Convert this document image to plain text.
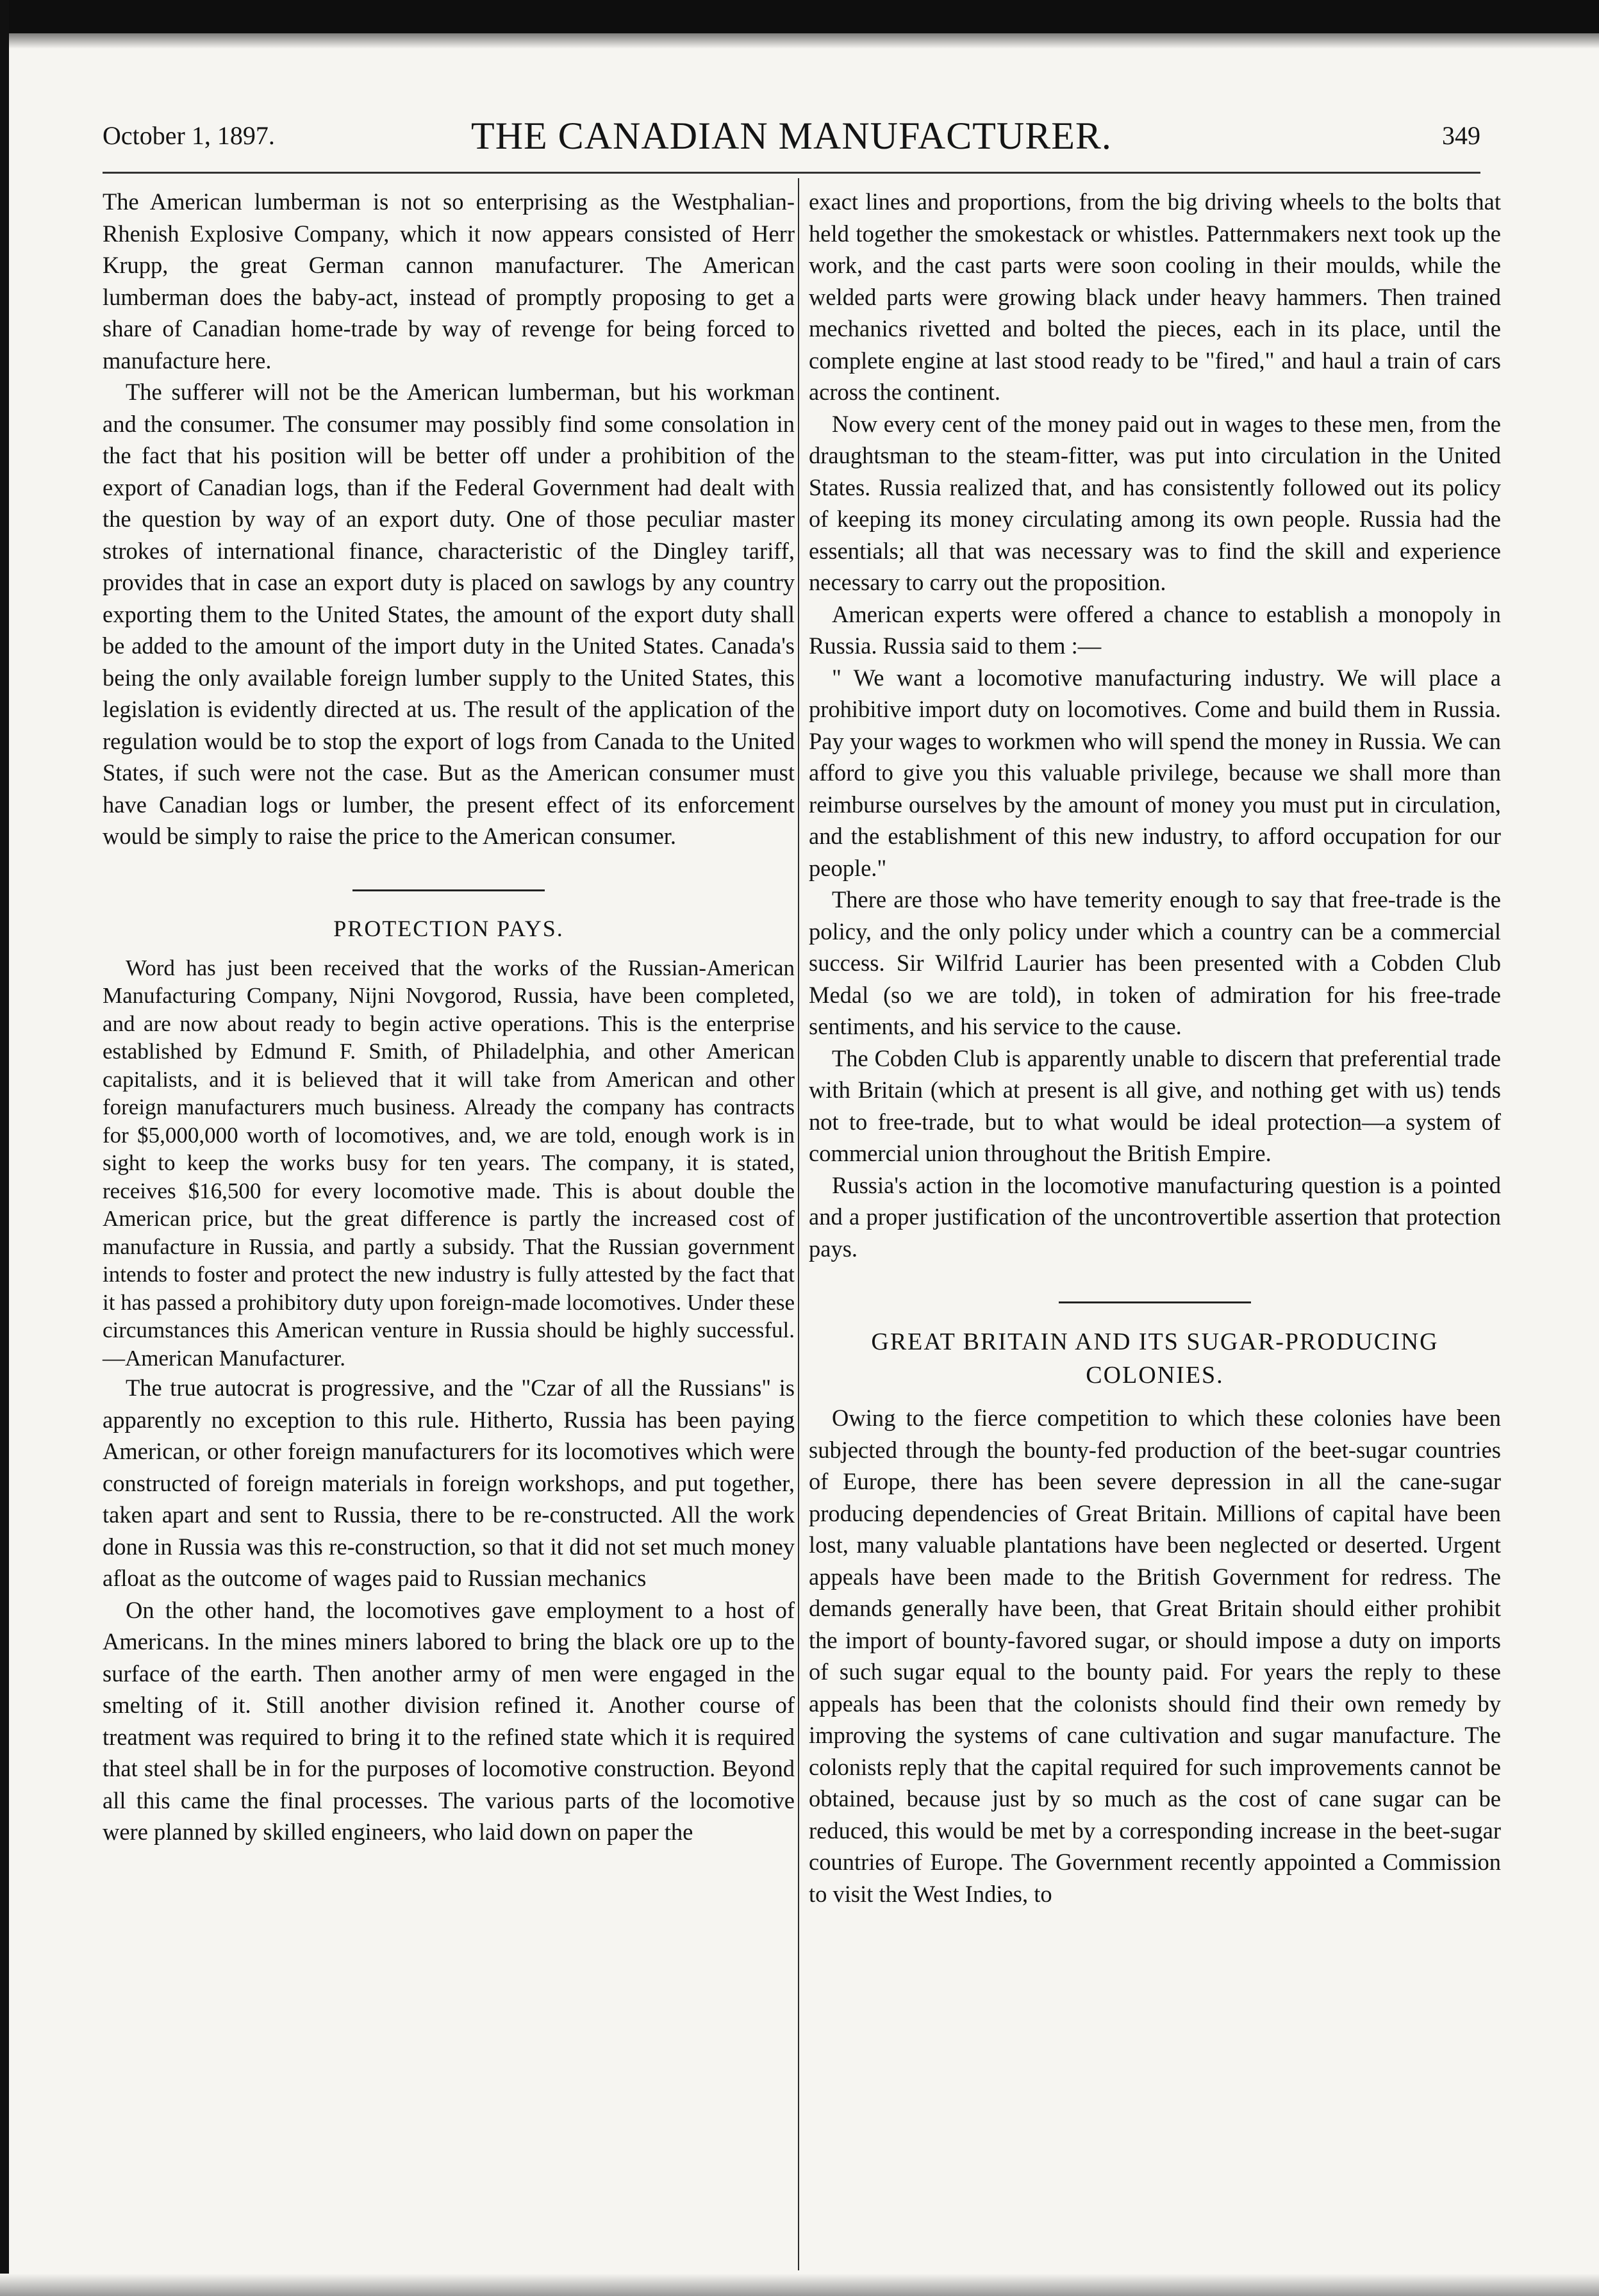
October 1, 1897.	THE CANADIAN MANUFACTURER.	349

The American lumberman is not so enterprising as the Westphalian-Rhenish Explosive Company, which it now appears consisted of Herr Krupp, the great German cannon manufacturer. The American lumberman does the baby-act, instead of promptly proposing to get a share of Canadian home-trade by way of revenge for being forced to manufacture here.

The sufferer will not be the American lumberman, but his workman and the consumer. The consumer may possibly find some consolation in the fact that his position will be better off under a prohibition of the export of Canadian logs, than if the Federal Government had dealt with the question by way of an export duty. One of those peculiar master strokes of international finance, characteristic of the Dingley tariff, provides that in case an export duty is placed on sawlogs by any country exporting them to the United States, the amount of the export duty shall be added to the amount of the import duty in the United States. Canada's being the only available foreign lumber supply to the United States, this legislation is evidently directed at us. The result of the application of the regulation would be to stop the export of logs from Canada to the United States, if such were not the case. But as the American consumer must have Canadian logs or lumber, the present effect of its enforcement would be simply to raise the price to the American consumer.

PROTECTION PAYS.

Word has just been received that the works of the Russian-American Manufacturing Company, Nijni Novgorod, Russia, have been completed, and are now about ready to begin active operations. This is the enterprise established by Edmund F. Smith, of Philadelphia, and other American capitalists, and it is believed that it will take from American and other foreign manufacturers much business. Already the company has contracts for $5,000,000 worth of locomotives, and, we are told, enough work is in sight to keep the works busy for ten years. The company, it is stated, receives $16,500 for every locomotive made. This is about double the American price, but the great difference is partly the increased cost of manufacture in Russia, and partly a subsidy. That the Russian government intends to foster and protect the new industry is fully attested by the fact that it has passed a prohibitory duty upon foreign-made locomotives. Under these circumstances this American venture in Russia should be highly successful.—American Manufacturer.

The true autocrat is progressive, and the "Czar of all the Russians" is apparently no exception to this rule. Hitherto, Russia has been paying American, or other foreign manufacturers for its locomotives which were constructed of foreign materials in foreign workshops, and put together, taken apart and sent to Russia, there to be re-constructed. All the work done in Russia was this re-construction, so that it did not set much money afloat as the outcome of wages paid to Russian mechanics

On the other hand, the locomotives gave employment to a host of Americans. In the mines miners labored to bring the black ore up to the surface of the earth. Then another army of men were engaged in the smelting of it. Still another division refined it. Another course of treatment was required to bring it to the refined state which it is required that steel shall be in for the purposes of locomotive construction. Beyond all this came the final processes. The various parts of the locomotive were planned by skilled engineers, who laid down on paper the

exact lines and proportions, from the big driving wheels to the bolts that held together the smokestack or whistles. Patternmakers next took up the work, and the cast parts were soon cooling in their moulds, while the welded parts were growing black under heavy hammers. Then trained mechanics rivetted and bolted the pieces, each in its place, until the complete engine at last stood ready to be "fired," and haul a train of cars across the continent.

Now every cent of the money paid out in wages to these men, from the draughtsman to the steam-fitter, was put into circulation in the United States. Russia realized that, and has consistently followed out its policy of keeping its money circulating among its own people. Russia had the essentials; all that was necessary was to find the skill and experience necessary to carry out the proposition.

American experts were offered a chance to establish a monopoly in Russia. Russia said to them :—

" We want a locomotive manufacturing industry. We will place a prohibitive import duty on locomotives. Come and build them in Russia. Pay your wages to workmen who will spend the money in Russia. We can afford to give you this valuable privilege, because we shall more than reimburse ourselves by the amount of money you must put in circulation, and the establishment of this new industry, to afford occupation for our people."

There are those who have temerity enough to say that free-trade is the policy, and the only policy under which a country can be a commercial success. Sir Wilfrid Laurier has been presented with a Cobden Club Medal (so we are told), in token of admiration for his free-trade sentiments, and his service to the cause.

The Cobden Club is apparently unable to discern that preferential trade with Britain (which at present is all give, and nothing get with us) tends not to free-trade, but to what would be ideal protection—a system of commercial union throughout the British Empire.

Russia's action in the locomotive manufacturing question is a pointed and a proper justification of the uncontrovertible assertion that protection pays.

GREAT BRITAIN AND ITS SUGAR-PRODUCING
COLONIES.

Owing to the fierce competition to which these colonies have been subjected through the bounty-fed production of the beet-sugar countries of Europe, there has been severe depression in all the cane-sugar producing dependencies of Great Britain. Millions of capital have been lost, many valuable plantations have been neglected or deserted. Urgent appeals have been made to the British Government for redress. The demands generally have been, that Great Britain should either prohibit the import of bounty-favored sugar, or should impose a duty on imports of such sugar equal to the bounty paid. For years the reply to these appeals has been that the colonists should find their own remedy by improving the systems of cane cultivation and sugar manufacture. The colonists reply that the capital required for such improvements cannot be obtained, because just by so much as the cost of cane sugar can be reduced, this would be met by a corresponding increase in the beet-sugar countries of Europe. The Government recently appointed a Commission to visit the West Indies, to
